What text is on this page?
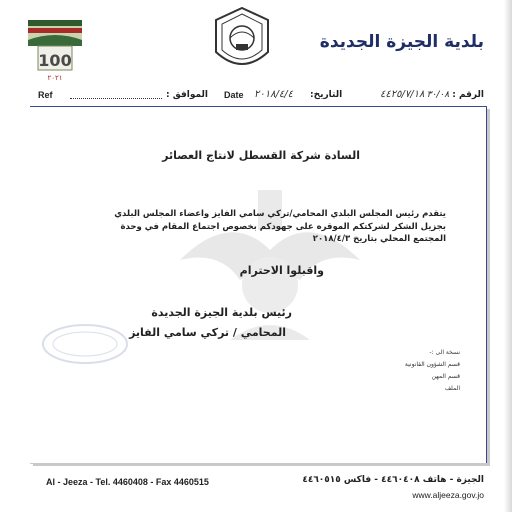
100
٢٠٢١
بلدية الجيزة الجديدة
Ref	الموافق : Date ٢٠١٨/٤/٤ التاريخ:	٤٤٢٥/٧/١٨	الرقم : ٣٠/٠٨
السادة شركة القسطل لانتاج العصائر
يتقدم رئيس المجلس البلدي المحامي/تركي سامي الفايز واعضاء المجلس البلدي بجزيل الشكر لشركتكم الموقره على جهودكم بخصوص اجتماع المقام في وحدة المجتمع المحلي بتاريخ ٢٠١٨/٤/٣
واقبلوا الاحترام
رئيس بلدية الجيزة الجديدة
المحامي / تركي سامي الفايز
نسخة الى :-
قسم الشؤون القانونية
قسم المهن
الملف
Al - Jeeza - Tel. 4460408 - Fax 4460515	الجيزة - هاتف ٤٤٦٠٤٠٨ - فاكس ٤٤٦٠٥١٥
www.aljeeza.gov.jo
